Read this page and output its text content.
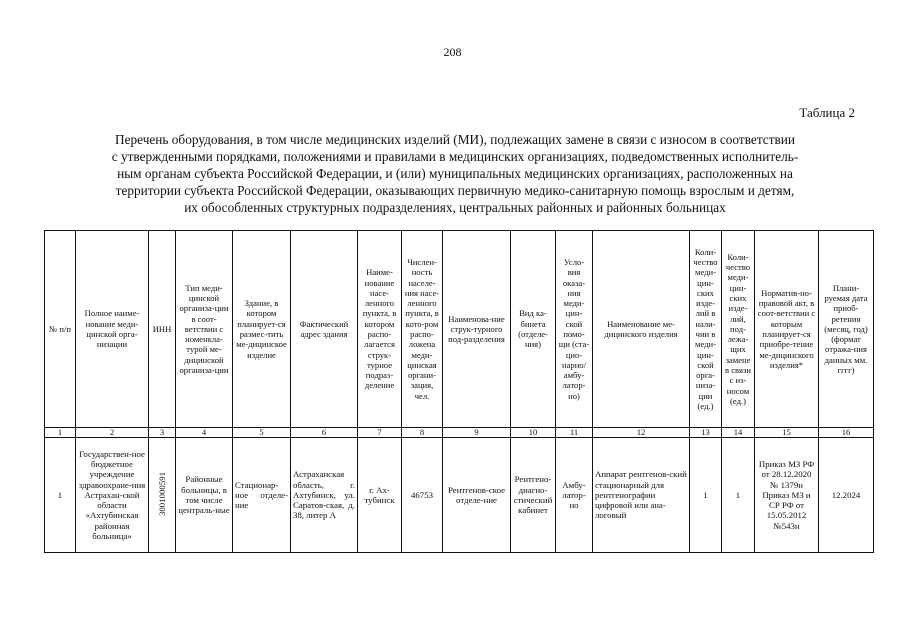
208
Таблица 2
Перечень оборудования, в том числе медицинских изделий (МИ), подлежащих замене в связи с износом в соответствии
с утвержденными порядками, положениями и правилами в медицинских организациях, подведомственных исполнитель-
ным органам субъекта Российской Федерации, и (или) муниципальных медицинских организациях, расположенных на
территории субъекта Российской Федерации, оказывающих первичную медико-санитарную помощь взрослым и детям,
их обособленных структурных подразделениях, центральных районных и районных больницах
№ п/п	Полное наиме-нование меди-цинской орга-низации	ИНН	Тип меди-цинской организа-ции в соот-ветствии с номенкла-турой ме-дицинской организа-ции	Здание, в котором планирует-ся размес-тить ме-дицинское изделие	Фактический адрес здания	Наиме-нование насе-ленного пункта, в котором распо-лагается струк-турное подраз-деление	Числен-ность населе-ния насе-ленного пункта, в кото-ром распо-ложена меди-цинская органи-зация, чел.	Наименова-ние струк-турного под-разделения	Вид ка-бинета (отделе-ния)	Усло-вия оказа-ния меди-цин-ской помо-щи (ста-цио-нарно/ амбу-латор-но)	Наименование ме-дицинского изделия	Коли-чество меди-цин-ских изде-лий в нали-чии в меди-цин-ской орга-низа-ции (ед.)	Коли-чество меди-цин-ских изде-лий, под-лежа-щих замене в связи с из-носом (ед.)	Норматив-но-правовой акт, в соот-ветствии с которым планирует-ся приобре-тение ме-дицинского изделия*	Плани-руемая дата приоб-ретения (месяц, год) (формат отража-ния данных мм. гггг)
1	2	3	4	5	6	7	8	9	10	11	12	13	14	15	16
1	Государствен-ное бюджетное учреждение здравоохране-ния Астрахан-ской области «Ахтубинская районная больница»	3001000591	Районные больницы, в том числе централь-ные	Стационар-ное отделе-ние	Астраханская область, г. Ахтубинск, ул. Саратов-ская, д. 38, литер А	г. Ах-тубинск	46753	Рентгенов-ское отделе-ние	Рентгено-диагно-стический кабинет	Амбу-латор-но	Аппарат рентгенов-ский стационарный для рентгенографии цифровой или ана-логовый	1	1	Приказ МЗ РФ от 28.12.2020 № 1379н Приказ МЗ и СР РФ от 15.05.2012 №543н	12.2024
